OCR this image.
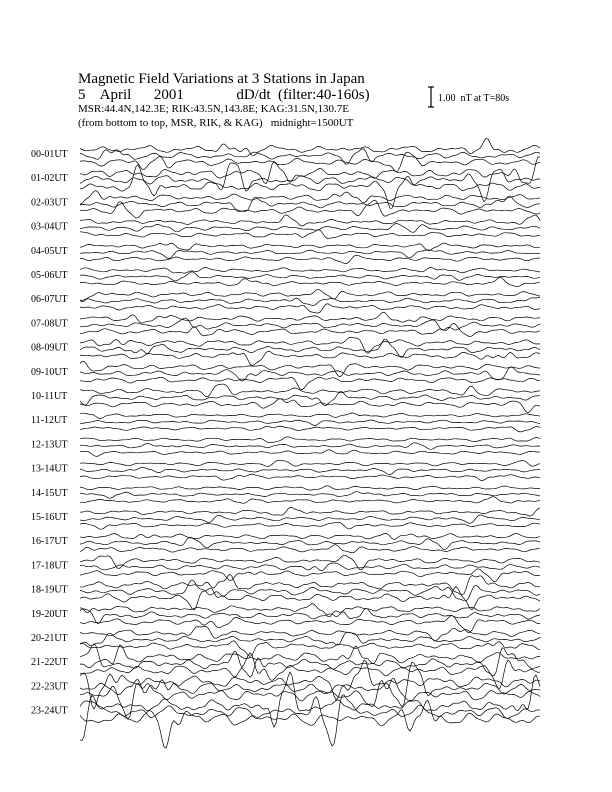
Magnetic Field Variations at 3 Stations in Japan
5    April      2001              dD/dt  (filter:40-160s)
MSR:44.4N,142.3E; RIK:43.5N,143.8E; KAG:31.5N,130.7E
(from bottom to top, MSR, RIK, & KAG)   midnight=1500UT
1.00  nT at T=80s
00-01UT
01-02UT
02-03UT
03-04UT
04-05UT
05-06UT
06-07UT
07-08UT
08-09UT
09-10UT
10-11UT
11-12UT
12-13UT
13-14UT
14-15UT
15-16UT
16-17UT
17-18UT
18-19UT
19-20UT
20-21UT
21-22UT
22-23UT
23-24UT
